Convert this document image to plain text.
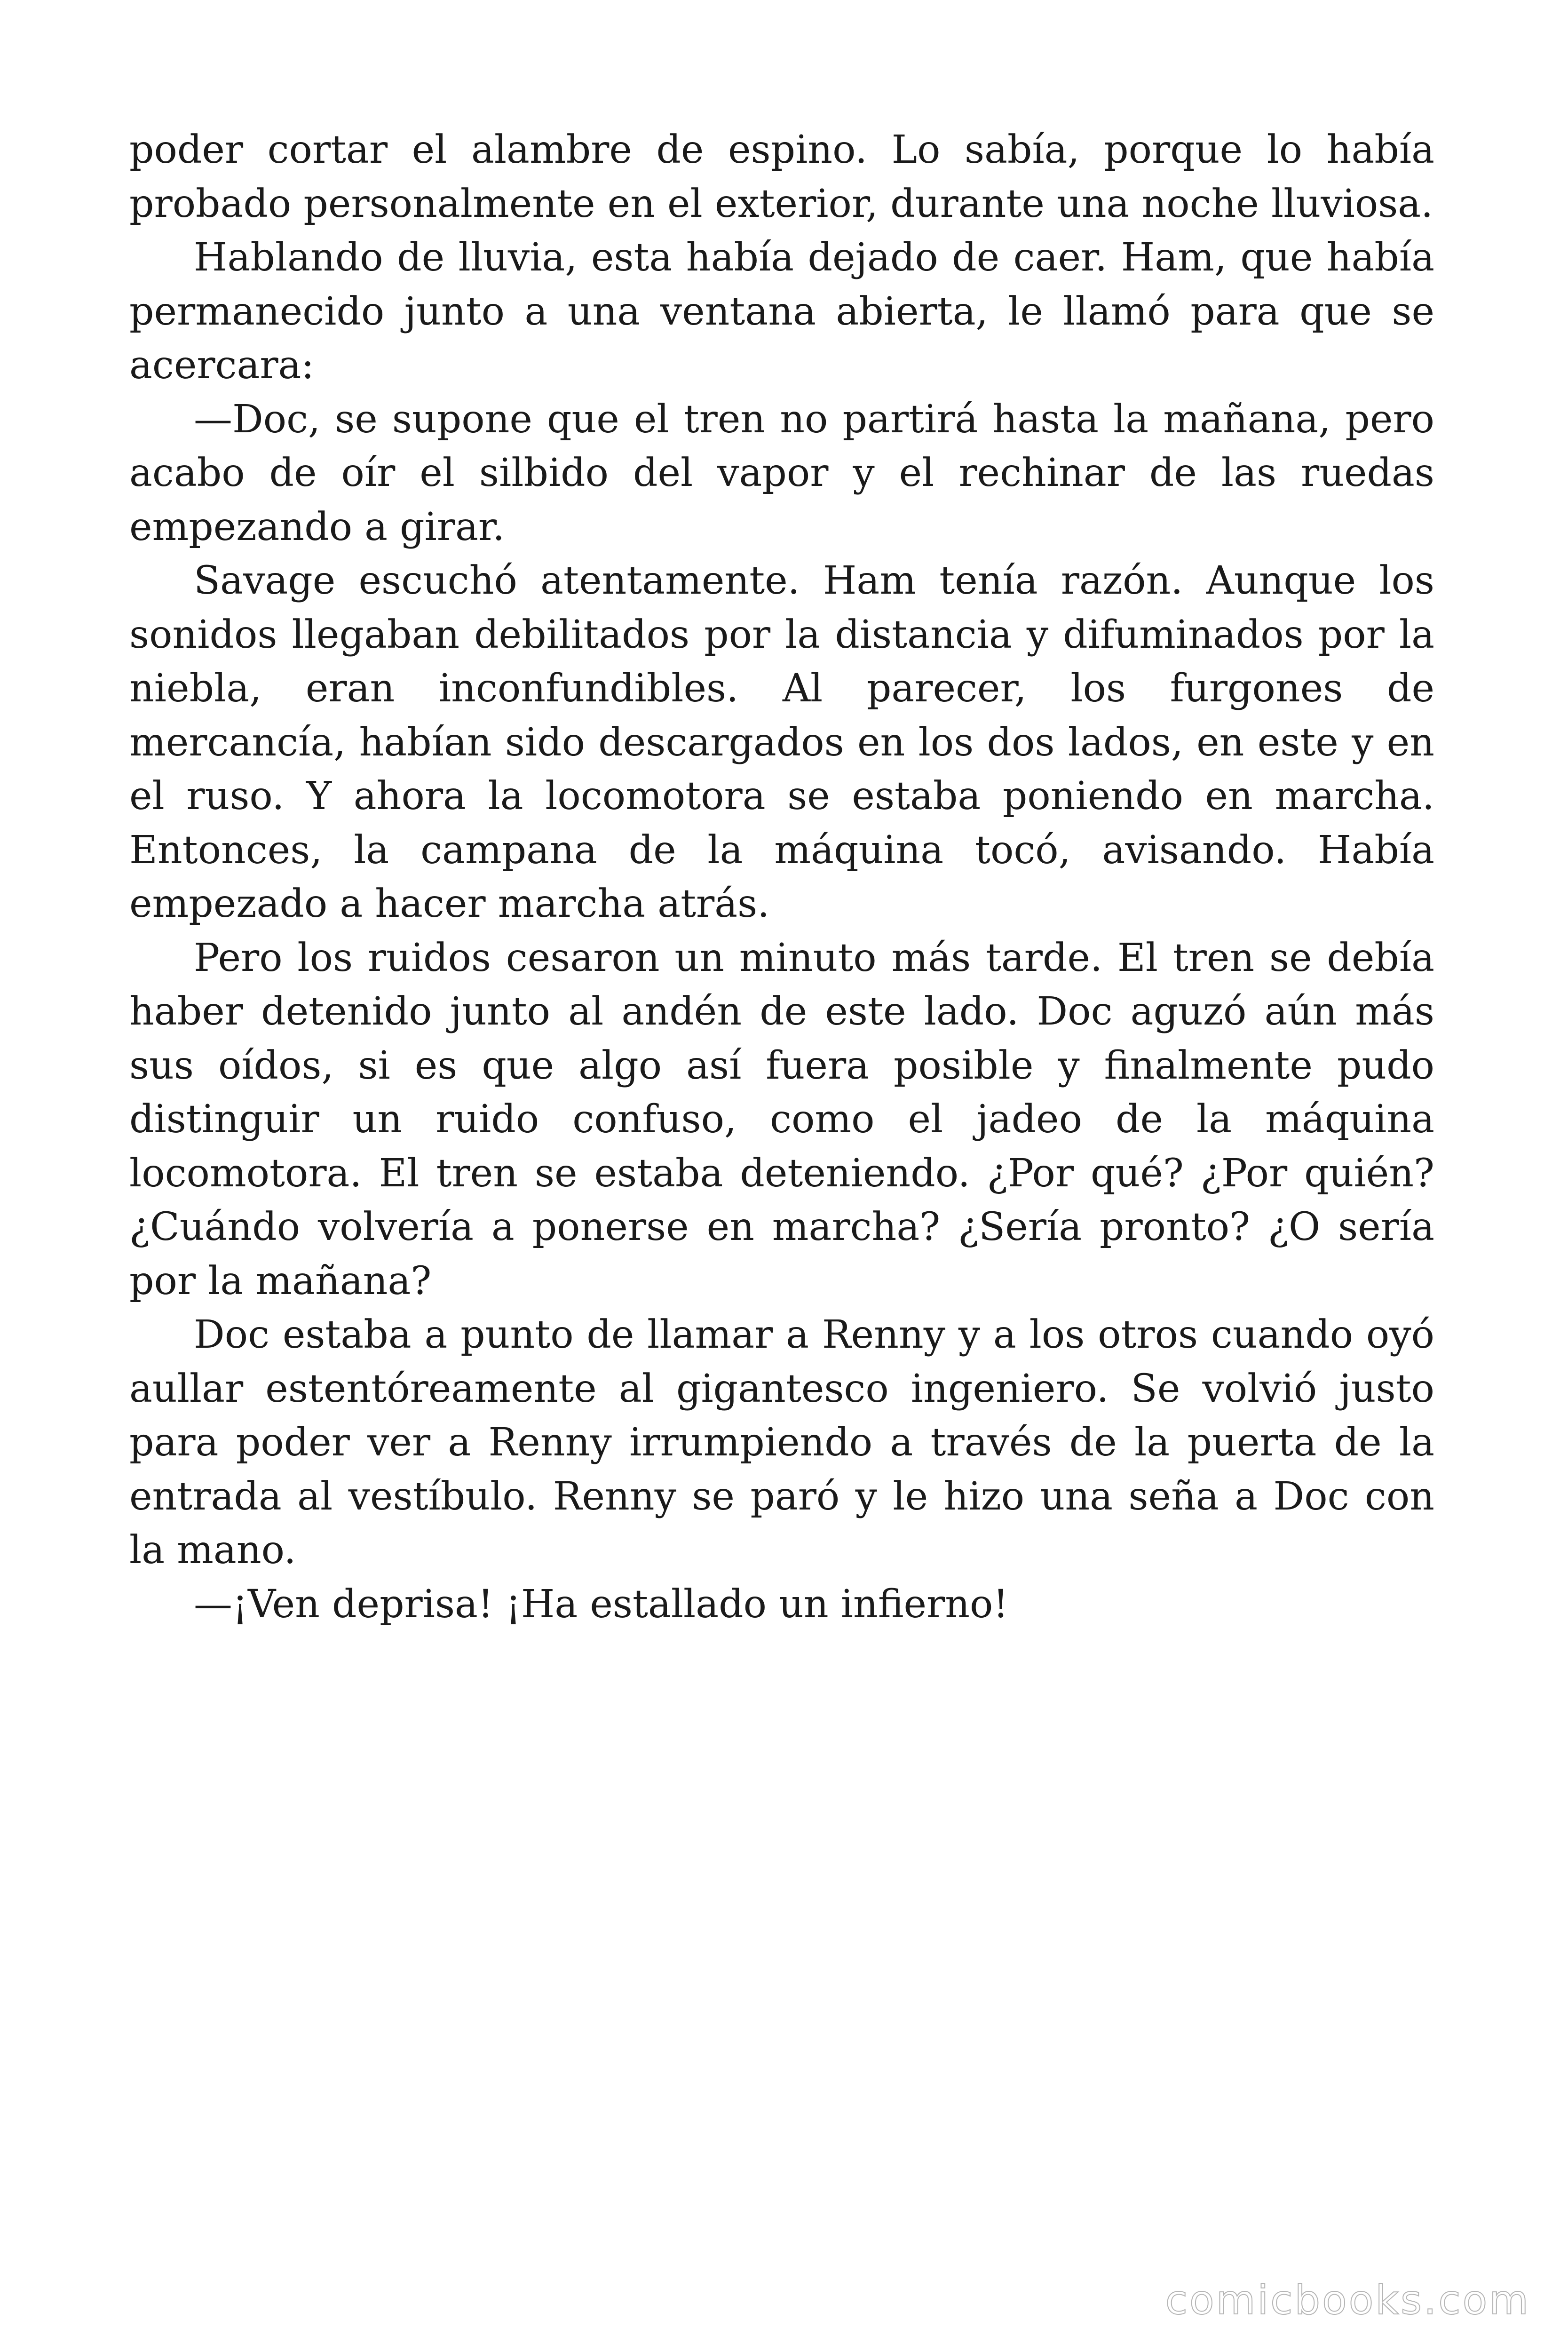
poder cortar el alambre de espino. Lo sabía, porque lo había probado personalmente en el exterior, durante una noche lluviosa.

Hablando de lluvia, esta había dejado de caer. Ham, que había permanecido junto a una ventana abierta, le llamó para que se acercara:

—Doc, se supone que el tren no partirá hasta la mañana, pero acabo de oír el silbido del vapor y el rechinar de las ruedas empezando a girar.

Savage escuchó atentamente. Ham tenía razón. Aunque los sonidos llegaban debilitados por la distancia y difuminados por la niebla, eran inconfundibles. Al parecer, los furgones de mercancía, habían sido descargados en los dos lados, en este y en el ruso. Y ahora la locomotora se estaba poniendo en marcha. Entonces, la campana de la máquina tocó, avisando. Había empezado a hacer marcha atrás.

Pero los ruidos cesaron un minuto más tarde. El tren se debía haber detenido junto al andén de este lado. Doc aguzó aún más sus oídos, si es que algo así fuera posible y finalmente pudo distinguir un ruido confuso, como el jadeo de la máquina locomotora. El tren se estaba deteniendo. ¿Por qué? ¿Por quién? ¿Cuándo volvería a ponerse en marcha? ¿Sería pronto? ¿O sería por la mañana?

Doc estaba a punto de llamar a Renny y a los otros cuando oyó aullar estentóreamente al gigantesco ingeniero. Se volvió justo para poder ver a Renny irrumpiendo a través de la puerta de la entrada al vestíbulo. Renny se paró y le hizo una seña a Doc con la mano.

—¡Ven deprisa! ¡Ha estallado un infierno!

comicbooks.com
